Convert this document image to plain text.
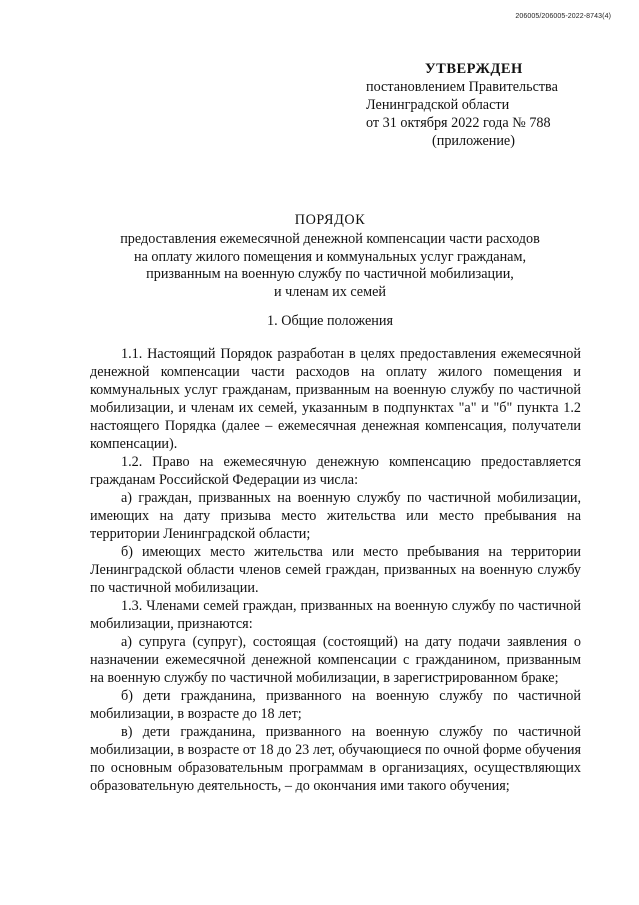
206005/206005-2022-8743(4)
УТВЕРЖДЕН
постановлением Правительства
Ленинградской области
от 31 октября 2022 года № 788
(приложение)
ПОРЯДОК
предоставления ежемесячной денежной компенсации части расходов
на оплату жилого помещения и коммунальных услуг гражданам,
призванным на военную службу по частичной мобилизации,
и членам их семей
1. Общие положения

1.1. Настоящий Порядок разработан в целях предоставления ежемесячной денежной компенсации части расходов на оплату жилого помещения и коммунальных услуг гражданам, призванным на военную службу по частичной мобилизации, и членам их семей, указанным в подпунктах "а" и "б" пункта 1.2 настоящего Порядка (далее – ежемесячная денежная компенсация, получатели компенсации).

1.2. Право на ежемесячную денежную компенсацию предоставляется гражданам Российской Федерации из числа:

а) граждан, призванных на военную службу по частичной мобилизации, имеющих на дату призыва место жительства или место пребывания на территории Ленинградской области;

б) имеющих место жительства или место пребывания на территории Ленинградской области членов семей граждан, призванных на военную службу по частичной мобилизации.

1.3. Членами семей граждан, призванных на военную службу по частичной мобилизации, признаются:

а) супруга (супруг), состоящая (состоящий) на дату подачи заявления о назначении ежемесячной денежной компенсации с гражданином, призванным на военную службу по частичной мобилизации, в зарегистрированном браке;

б) дети гражданина, призванного на военную службу по частичной мобилизации, в возрасте до 18 лет;

в) дети гражданина, призванного на военную службу по частичной мобилизации, в возрасте от 18 до 23 лет, обучающиеся по очной форме обучения по основным образовательным программам в организациях, осуществляющих образовательную деятельность, – до окончания ими такого обучения;
